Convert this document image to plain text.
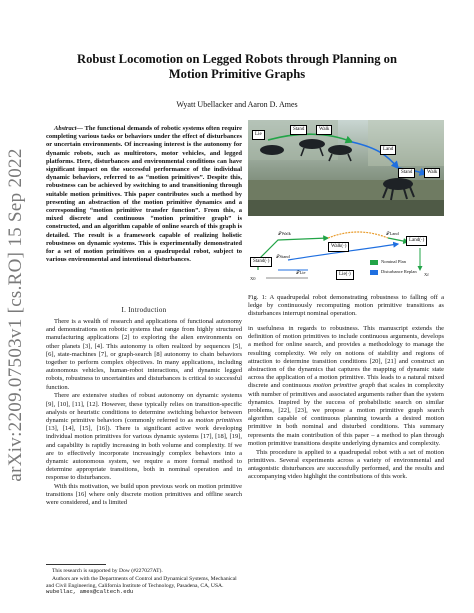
arXiv:2209.07503v1 [cs.RO] 15 Sep 2022
Robust Locomotion on Legged Robots through Planning on
Motion Primitive Graphs
Wyatt Ubellacker and Aaron D. Ames

Abstract— The functional demands of robotic systems often require completing various tasks or behaviors under the effect of disturbances or uncertain environments. Of increasing interest is the autonomy for dynamic robots, such as multirotors, motor vehicles, and legged platforms. Here, disturbances and environmental conditions can have significant impact on the successful performance of the individual dynamic behaviors, referred to as “motion primitives”. Despite this, robustness can be achieved by switching to and transitioning through suitable motion primitives. This paper contributes such a method by presenting an abstraction of the motion primitive dynamics and a corresponding “motion primitive transfer function”. From this, a mixed discrete and continuous “motion primitive graph” is constructed, and an algorithm capable of online search of this graph is detailed. The result is a framework capable of realizing holistic robustness on dynamic systems. This is experimentally demonstrated for a set of motion primitives on a quadrupedal robot, subject to various environmental and intentional disturbances.

I. Introduction

There is a wealth of research and applications of functional autonomy and demonstrations on robotic systems that range from highly structured manufacturing applications [2] to exploring the alien environments on other planets [3], [4]. This autonomy is often realized by sequences [5], [6], state-machines [7], or graph-search [8] autonomy to chain behaviors together to perform complex objectives. In many applications, including autonomous vehicles, human-robot interactions, and dynamic legged robots, robustness to uncertainties and disturbances is critical to successful function.

There are extensive studies of robust autonomy on dynamic systems [9], [10], [11], [12]. However, these typically relies on transition-specific analysis or heuristic conditions to determine switching behavior between dynamic primitive behaviors (commonly referred to as motion primitives [13], [14], [15], [16]). There is significant active work developing individual motion primitives for various dynamic systems [17], [18], [19], and capability is rapidly increasing in both volume and complexity. If we are to effectively incorporate increasingly complex behaviors into a dynamic autonomous system, we require a more formal method to determine appropriate transitions, both in nominal operation and in response to disturbances.

With this motivation, we build upon previous work on motion primitive transitions [16] where only discrete motion primitives and offline search were considered, and is limited

This research is supported by Dow (#227027AT).

Authors are with the Departments of Control and Dynamical Systems, Mechanical and Civil Engineering, California Institute of Technology, Pasadena, CA, USA. wubellac, ames@caltech.edu

Lie
Stand	Walk
Land
Stand	Walk
𝒯Walk	𝒯Land
𝒯Stand
𝒯Lie
Walk(·)
Stand(·)
Land(·)
Lie(·)
X0
Xf
Nominal Plan
Disturbance Replan
Fig. 1: A quadrupedal robot demonstrating robustness to falling off a ledge by continuously recomputing motion primitive transitions as disturbances interrupt nominal operation.

in usefulness in regards to robustness. This manuscript extends the definition of motion primitives to include continuous arguments, develops a method for online search, and provides a methodology to manage the resulting complexity. We rely on notions of stability and regions of attraction to determine transition conditions [20], [21] and construct an abstraction of the dynamics that captures the mapping of dynamic state across the application of a motion primitive. This leads to a natural mixed discrete and continuous motion primitive graph that scales in complexity with number of primitives and associated arguments rather than the system dynamics. Inspired by the success of probabilistic search on similar problems, [22], [23], we propose a motion primitive graph search algorithm capable of continuous planning towards a desired motion primitive in both nominal and disturbed conditions. This summary represents the main contribution of this paper – a method to plan through motion primitive transitions despite underlying dynamics and complexity.

This procedure is applied to a quadrupedal robot with a set of motion primitives. Several experiments across a variety of environmental and antagonistic disturbances are successfully performed, and the results and accompanying video highlight the contributions of this work.
